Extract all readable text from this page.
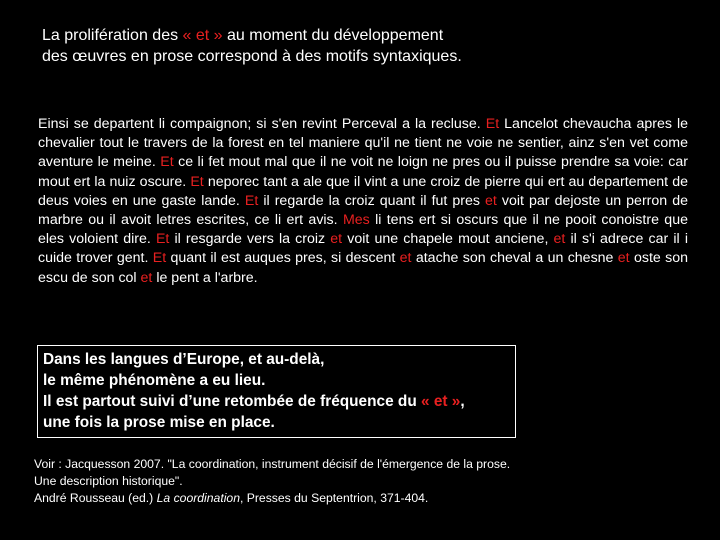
La prolifération des « et » au moment du développement
des œuvres en prose correspond à des motifs syntaxiques.
Einsi se departent li compaignon; si s'en revint Perceval a la recluse. Et Lancelot chevaucha apres le chevalier tout le travers de la forest en tel maniere qu'il ne tient ne voie ne sentier, ainz s'en vet come aventure le meine. Et ce li fet mout mal que il ne voit ne loign ne pres ou il puisse prendre sa voie: car mout ert la nuiz oscure. Et neporec tant a ale que il vint a une croiz de pierre qui ert au departement de deus voies en une gaste lande. Et il regarde la croiz quant il fut pres et voit par dejoste un perron de marbre ou il avoit letres escrites, ce li ert avis. Mes li tens ert si oscurs que il ne pooit conoistre que eles voloient dire. Et il resgarde vers la croiz et voit une chapele mout anciene, et il s'i adrece car il i cuide trover gent. Et quant il est auques pres, si descent et atache son cheval a un chesne et oste son escu de son col et le pent a l'arbre.
Dans les langues d’Europe, et au-delà,
le même phénomène a eu lieu.
Il est partout suivi d’une retombée de fréquence du « et »,
une fois la prose mise en place.
Voir : Jacquesson 2007. "La coordination, instrument décisif de l'émergence de la prose.
Une description historique".
André Rousseau (ed.) La coordination, Presses du Septentrion, 371-404.
